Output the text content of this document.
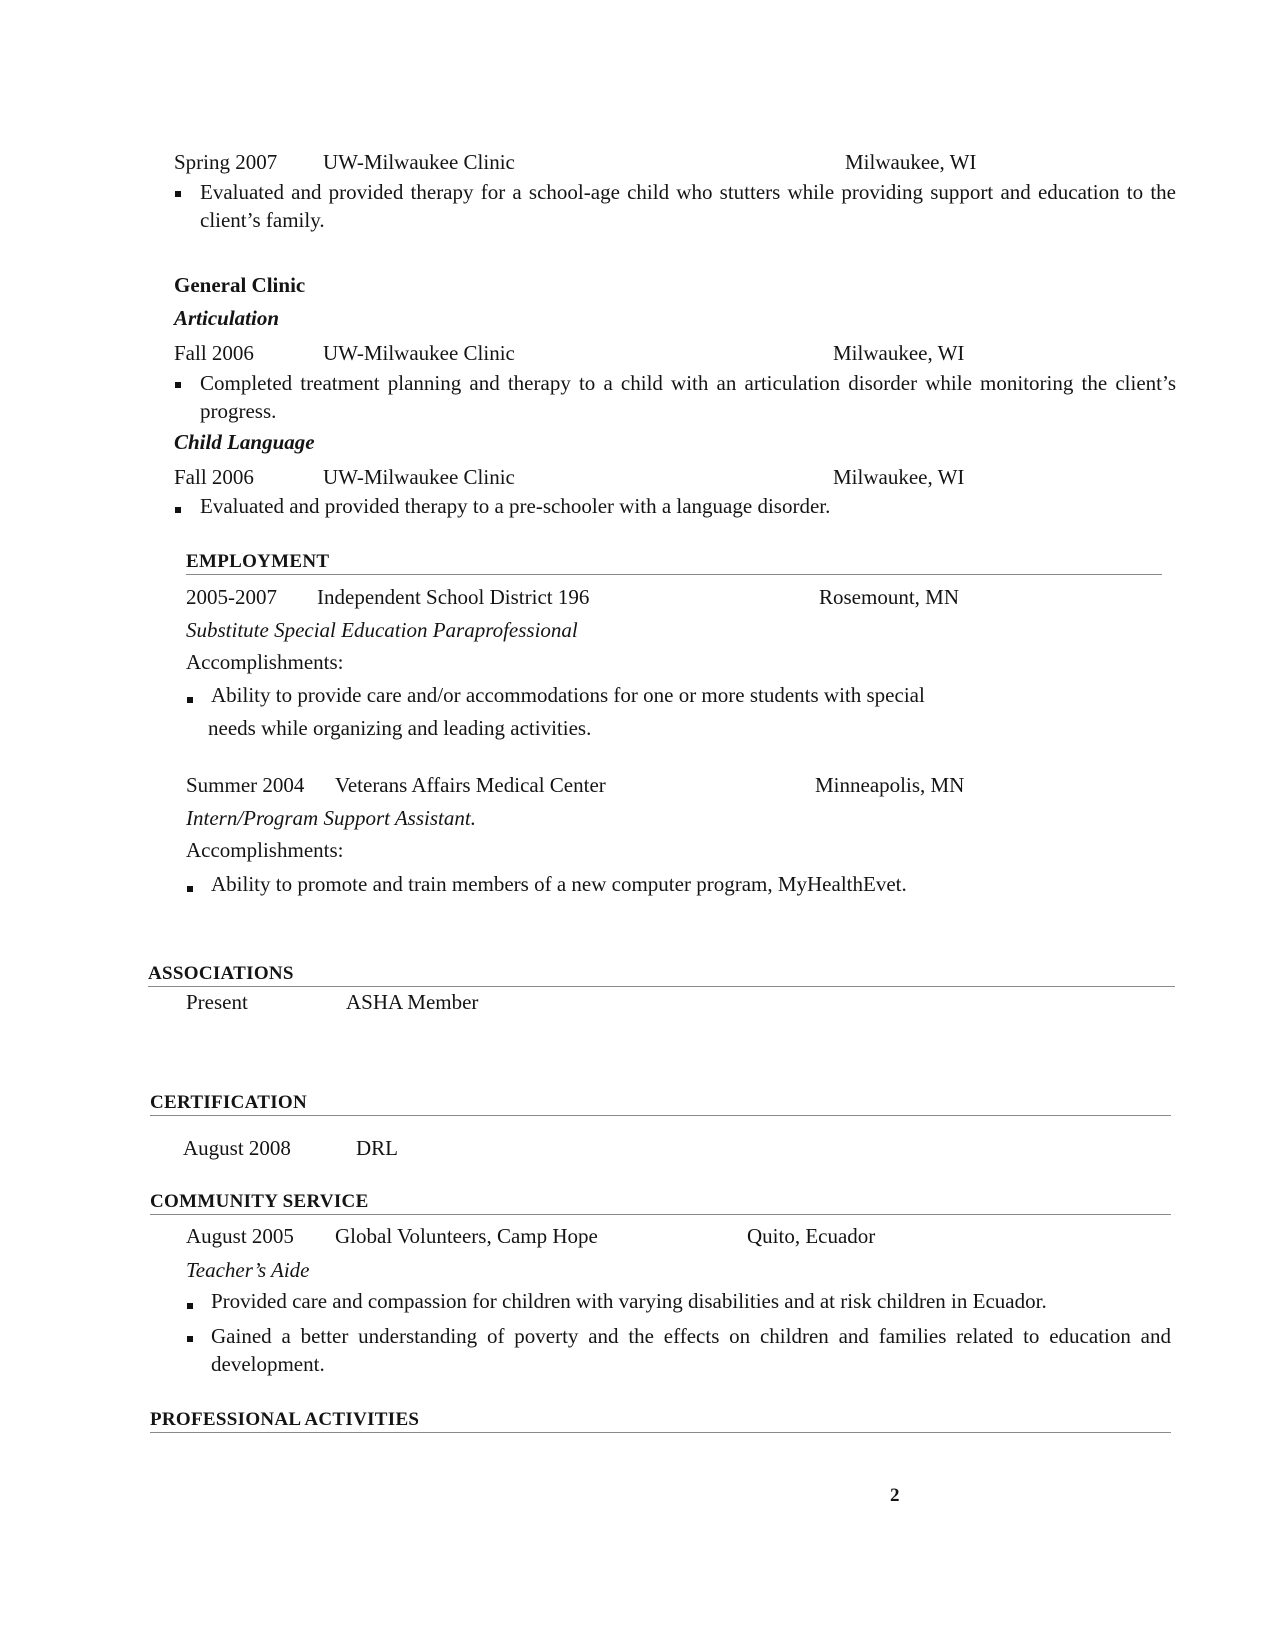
Spring 2007 UW-Milwaukee Clinic	Milwaukee, WI
Evaluated and provided therapy for a school-age child who stutters while providing support and education to the client’s family.
General Clinic
Articulation
Fall 2006	UW-Milwaukee Clinic	Milwaukee, WI
Completed treatment planning and therapy to a child with an articulation disorder while monitoring the client’s progress.
Child Language
Fall 2006	UW-Milwaukee Clinic	Milwaukee, WI
Evaluated and provided therapy to a pre-schooler with a language disorder.
EMPLOYMENT
2005-2007 Independent School District 196	Rosemount, MN
Substitute Special Education Paraprofessional
Accomplishments:
Ability to provide care and/or accommodations for one or more students with special
needs while organizing and leading activities.
Summer 2004 Veterans Affairs Medical Center	Minneapolis, MN
Intern/Program Support Assistant.
Accomplishments:
Ability to promote and train members of a new computer program, MyHealthEvet.
ASSOCIATIONS
Present	ASHA Member
CERTIFICATION
August 2008	DRL
COMMUNITY SERVICE
August 2005 Global Volunteers, Camp Hope	Quito, Ecuador
Teacher’s Aide
Provided care and compassion for children with varying disabilities and at risk children in Ecuador.
Gained a better understanding of poverty and the effects on children and families related to education and development.
PROFESSIONAL ACTIVITIES
2
